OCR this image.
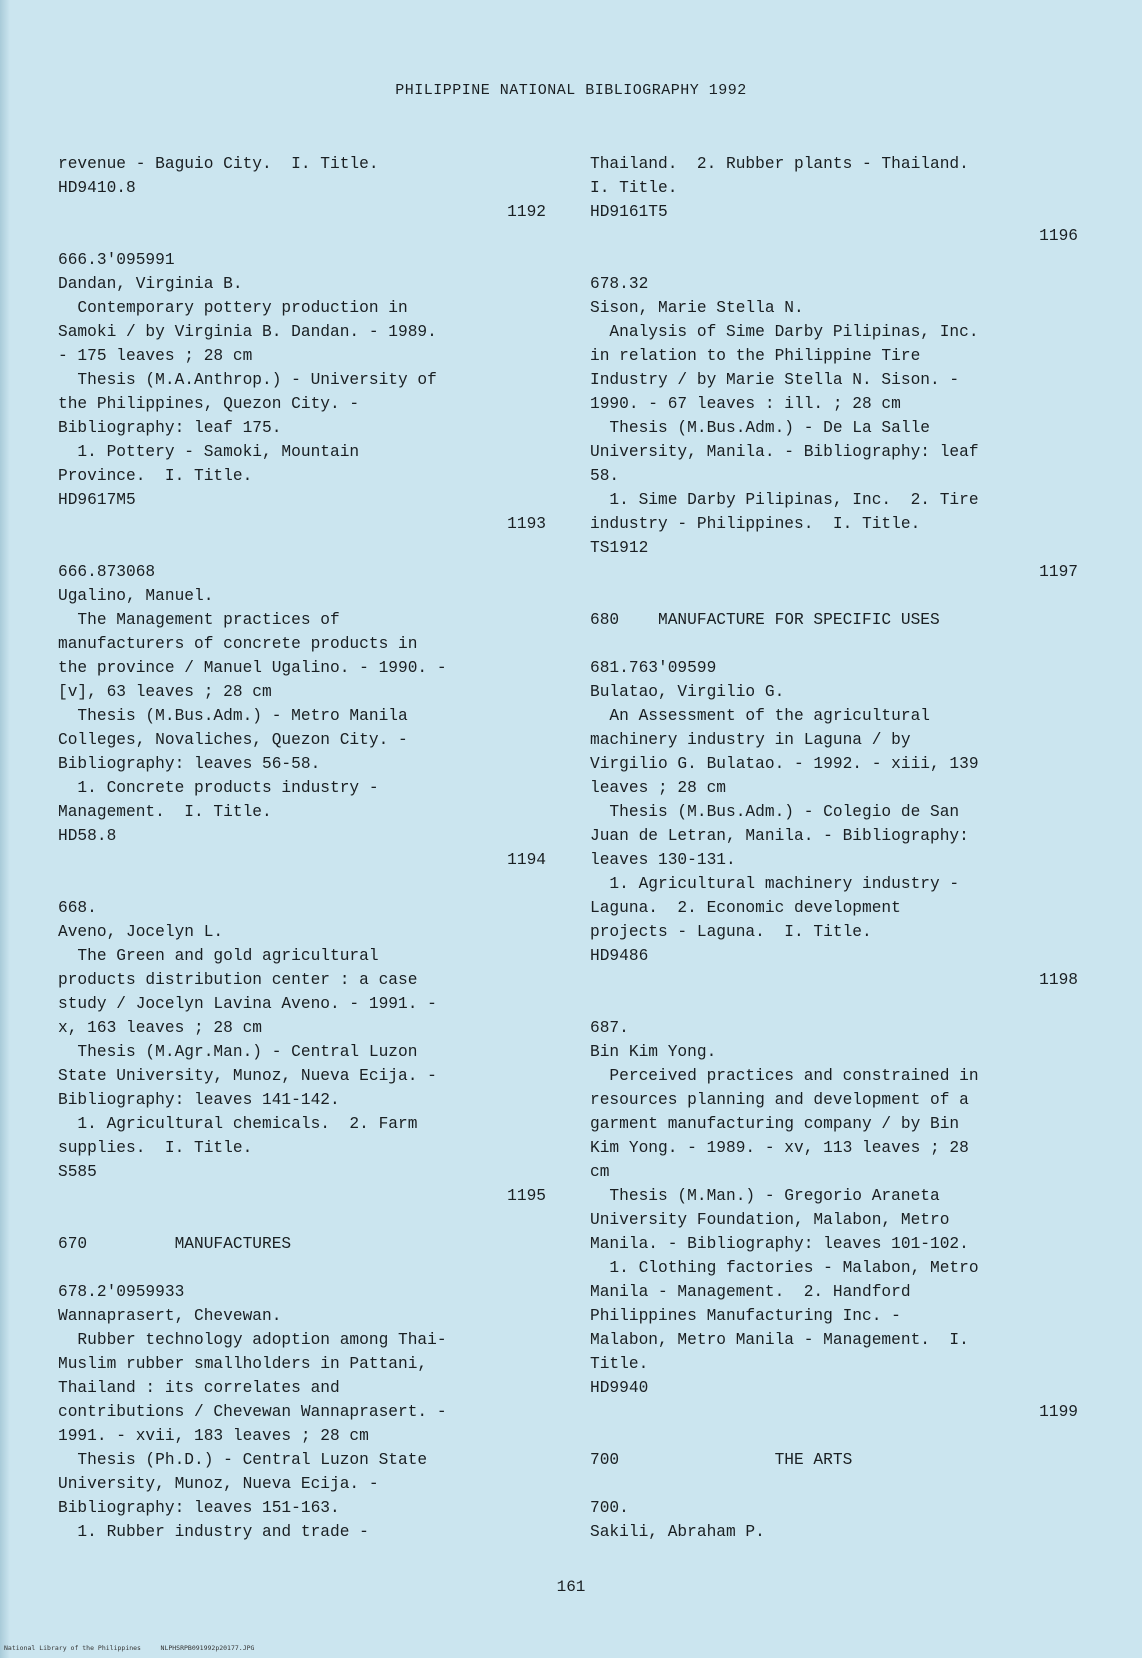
PHILIPPINE NATIONAL BIBLIOGRAPHY 1992
revenue - Baguio City.  I. Title.
HD9410.8
1192
666.3'095991
Dandan, Virginia B.
Contemporary pottery production in
Samoki / by Virginia B. Dandan. - 1989.
- 175 leaves ; 28 cm
Thesis (M.A.Anthrop.) - University of
the Philippines, Quezon City. -
Bibliography: leaf 175.
1. Pottery - Samoki, Mountain
Province.  I. Title.
HD9617M5
1193
666.873068
Ugalino, Manuel.
The Management practices of
manufacturers of concrete products in
the province / Manuel Ugalino. - 1990. -
[v], 63 leaves ; 28 cm
Thesis (M.Bus.Adm.) - Metro Manila
Colleges, Novaliches, Quezon City. -
Bibliography: leaves 56-58.
1. Concrete products industry -
Management.  I. Title.
HD58.8
1194
668.
Aveno, Jocelyn L.
The Green and gold agricultural
products distribution center : a case
study / Jocelyn Lavina Aveno. - 1991. -
x, 163 leaves ; 28 cm
Thesis (M.Agr.Man.) - Central Luzon
State University, Munoz, Nueva Ecija. -
Bibliography: leaves 141-142.
1. Agricultural chemicals.  2. Farm
supplies.  I. Title.
S585
1195
670         MANUFACTURES
678.2'0959933
Wannaprasert, Chevewan.
Rubber technology adoption among Thai-
Muslim rubber smallholders in Pattani,
Thailand : its correlates and
contributions / Chevewan Wannaprasert. -
1991. - xvii, 183 leaves ; 28 cm
Thesis (Ph.D.) - Central Luzon State
University, Munoz, Nueva Ecija. -
Bibliography: leaves 151-163.
1. Rubber industry and trade -
Thailand.  2. Rubber plants - Thailand.
I. Title.
HD9161T5
1196
678.32
Sison, Marie Stella N.
Analysis of Sime Darby Pilipinas, Inc.
in relation to the Philippine Tire
Industry / by Marie Stella N. Sison. -
1990. - 67 leaves : ill. ; 28 cm
Thesis (M.Bus.Adm.) - De La Salle
University, Manila. - Bibliography: leaf
58.
1. Sime Darby Pilipinas, Inc.  2. Tire
industry - Philippines.  I. Title.
TS1912
1197
680    MANUFACTURE FOR SPECIFIC USES
681.763'09599
Bulatao, Virgilio G.
An Assessment of the agricultural
machinery industry in Laguna / by
Virgilio G. Bulatao. - 1992. - xiii, 139
leaves ; 28 cm
Thesis (M.Bus.Adm.) - Colegio de San
Juan de Letran, Manila. - Bibliography:
leaves 130-131.
1. Agricultural machinery industry -
Laguna.  2. Economic development
projects - Laguna.  I. Title.
HD9486
1198
687.
Bin Kim Yong.
Perceived practices and constrained in
resources planning and development of a
garment manufacturing company / by Bin
Kim Yong. - 1989. - xv, 113 leaves ; 28
cm
Thesis (M.Man.) - Gregorio Araneta
University Foundation, Malabon, Metro
Manila. - Bibliography: leaves 101-102.
1. Clothing factories - Malabon, Metro
Manila - Management.  2. Handford
Philippines Manufacturing Inc. -
Malabon, Metro Manila - Management.  I.
Title.
HD9940
1199
700                THE ARTS
700.
Sakili, Abraham P.
161
National Library of the Philippines     NLPHSRPB091992p20177.JPG
